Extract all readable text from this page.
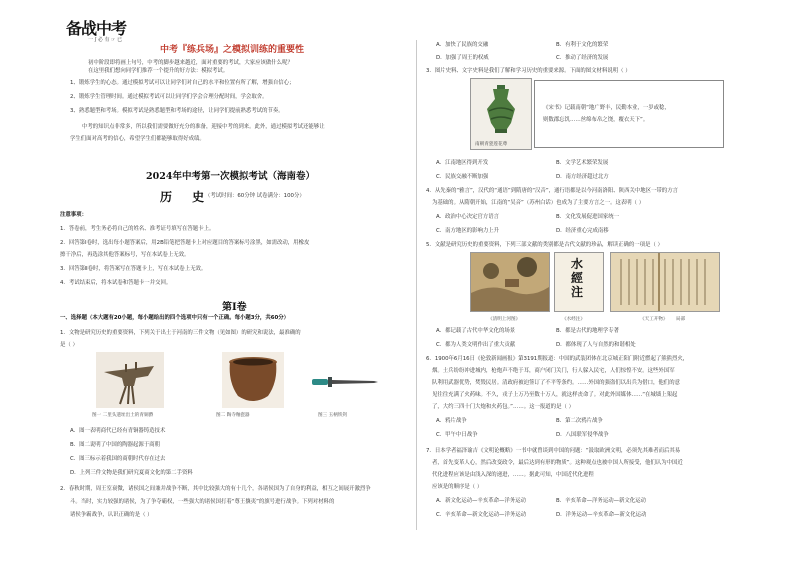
备战中考
一 ʃ 必 有 ☞ 已
中考『练兵场』之模拟训练的重要性
初中阶段即将画上句号，中考的脚步越来越近，面对重要的考试，大家应该做什么呢？
在这里我们想向同学们推荐一个提升的好方法：模拟考试。
1、锻炼学生的心态。通过模拟考试可以让同学们对自己的水平和位置有所了解，增强自信心；
2、锻炼学生管理时间。通过模拟考试可以让同学们学会合理分配时间，学会取舍。
3、熟悉题型和考场。模拟考试是熟悉题型和考场的途径，让同学们提前熟悉考试的节奏。
中考的知识点非常多，所以我们需要做好充分的准备，迎接中考的到来。此外，通过模拟考试还能够让
学生们面对高考的信心，希望学生们都能够取得好成绩。
2024年中考第一次模拟考试（海南卷）
历 史
（考试时间：60分钟 试卷满分：100分）
注意事项：
1．答卷前，考生务必将自己的姓名、准考证号填写在答题卡上。
2．回答第Ⅰ卷时，选出每小题答案后，用2B铅笔把答题卡上对应题目的答案标号涂黑，如需改动，用橡皮
擦干净后，再选涂其他答案标号，写在本试卷上无效。
3．回答第Ⅱ卷时，将答案写在答题卡上，写在本试卷上无效。
4．考试结束后，将本试卷和答题卡一并交回。
第Ⅰ卷
一、选择题（本大题有20小题，每小题给出的四个选项中只有一个正确。每小题3分，共60分）
1．文物是研究历史的重要资料，下列关于出土于河南的三件文物（见如图）的研究和说法，最准确的
是（ ）
图一 二里头遗址出土的青铜爵	图二 陶寺釉瓷器	图三 玉柄铁剑
A．图一表明商代已经有青铜器铸造技术
B．图二说明了中国的陶器起源于商朝
C．图三标示着我国的商朝时代存在过去
D．上列三件文物是我们研究夏商文化的第二手资料
2．春秋时期，周王室衰微，诸侯国之间兼并战争不断，其中比较强大的有十几个，各诸侯国为了自身的利益，相互之间展开激烈争
斗。当时，实力较强的诸侯，为了争夺霸权，一些强大的诸侯国打着“尊王攘夷”的旗号进行战争。下列对材料的
诸侯争霸战争，认识正确的是（ ）
A．加快了民族的交融	B．有利于文化的繁荣
D．加强了周王的权威	C．推动了经济的发展
3．图片史料、文字史料是我们了解和学习历史的重要来源。下面的图文材料说明（ ）
南朝青瓷莲花尊
《宋书》记载南朝“地广野丰，民勤本业，一岁或稔，
则数郡忘饥……丝绵布帛之饶，覆衣天下”。
A．江南地区得到开发	B．文学艺术繁荣发展
C．民族交融不断加强	D．南方经济超过北方
4．从先秦的“雅言”，汉代的“通语”到隋唐的“汉音”，通行语都是以今河南洛阳、陕西关中地区一带的方言
为基础的。从隋朝开始，江南的“吴音”（苏州白话）也成为了主要方言之一。这表明（ ）
A．政治中心决定官方语言	B．文化发展促进国家统一
C．南方地区的影响力上升	D．经济重心完成南移
5．文献是研究历史的重要资料，下列三部文献的类别都是古代文献的珍品，解读正确的一项是（ ）
水經注
《清明上河图》	《水经注》	《天工开物》 局部
A．都记载了古代中华文化的场景	B．都是古代的地理学专著
C．都为人类文明作出了重大贡献	D．都体现了人与自然的和谐相处
6．1900年6月16日《伦敦新闻画报》第3191期报道：中国的武装团体在北京城正阳门附近燃起了熊熊烈火，
烟。土兵纷纷冲进城内，枪炮声不绝于耳，商户闭门关门，行人躲入民宅，人们惊惶不安。这些外国军
队利用武器优势，焚毁民居。清政府被迫签订了不平等条约。……外国的强盗们以出兵为借口，他们的意
见往往充满了火药味。不久，戎子上万乃至数十万人，就这样丧命了。对此外国媒体……“在城墙上架起
了，大约三四十门大炮和火药包。”……。这一报道的是（ ）
A．鸦片战争	B．第二次鸦片战争
C．甲午中日战争	D．八国联军侵华战争
7．日本学者福泽谕吉《文明论概略》一书中就曾谈到中国的问题：“汲取欧洲文明，必须先其难者而后其易
者，首先变革人心，然后改变政令，最后达到有形的物质”。这种观点也被中国人所接受，他们认为中国近
代化进程应该是由浅入深的递进，……。据此可知，中国近代化进程
应该是的顺序是（ ）
A．新文化运动—辛亥革命—洋务运动	B．辛亥革命—洋务运动—新文化运动
C．辛亥革命—新文化运动—洋务运动	D．洋务运动—辛亥革命—新文化运动
